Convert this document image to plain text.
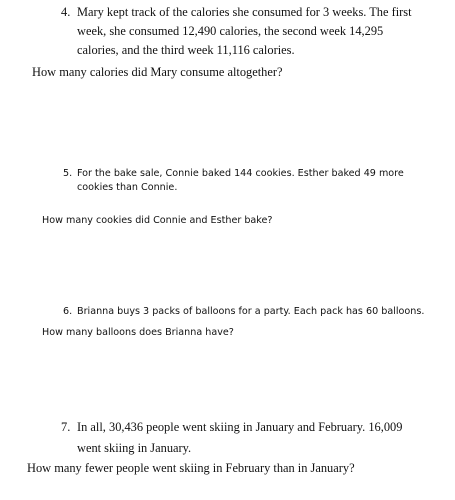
4. Mary kept track of the calories she consumed for 3 weeks. The first
week, she consumed 12,490 calories, the second week 14,295
calories, and the third week 11,116 calories.
How many calories did Mary consume altogether?
5. For the bake sale, Connie baked 144 cookies. Esther baked 49 more
cookies than Connie.
How many cookies did Connie and Esther bake?
6. Brianna buys 3 packs of balloons for a party. Each pack has 60 balloons.
How many balloons does Brianna have?
7. In all, 30,436 people went skiing in January and February. 16,009
went skiing in January.
How many fewer people went skiing in February than in January?
